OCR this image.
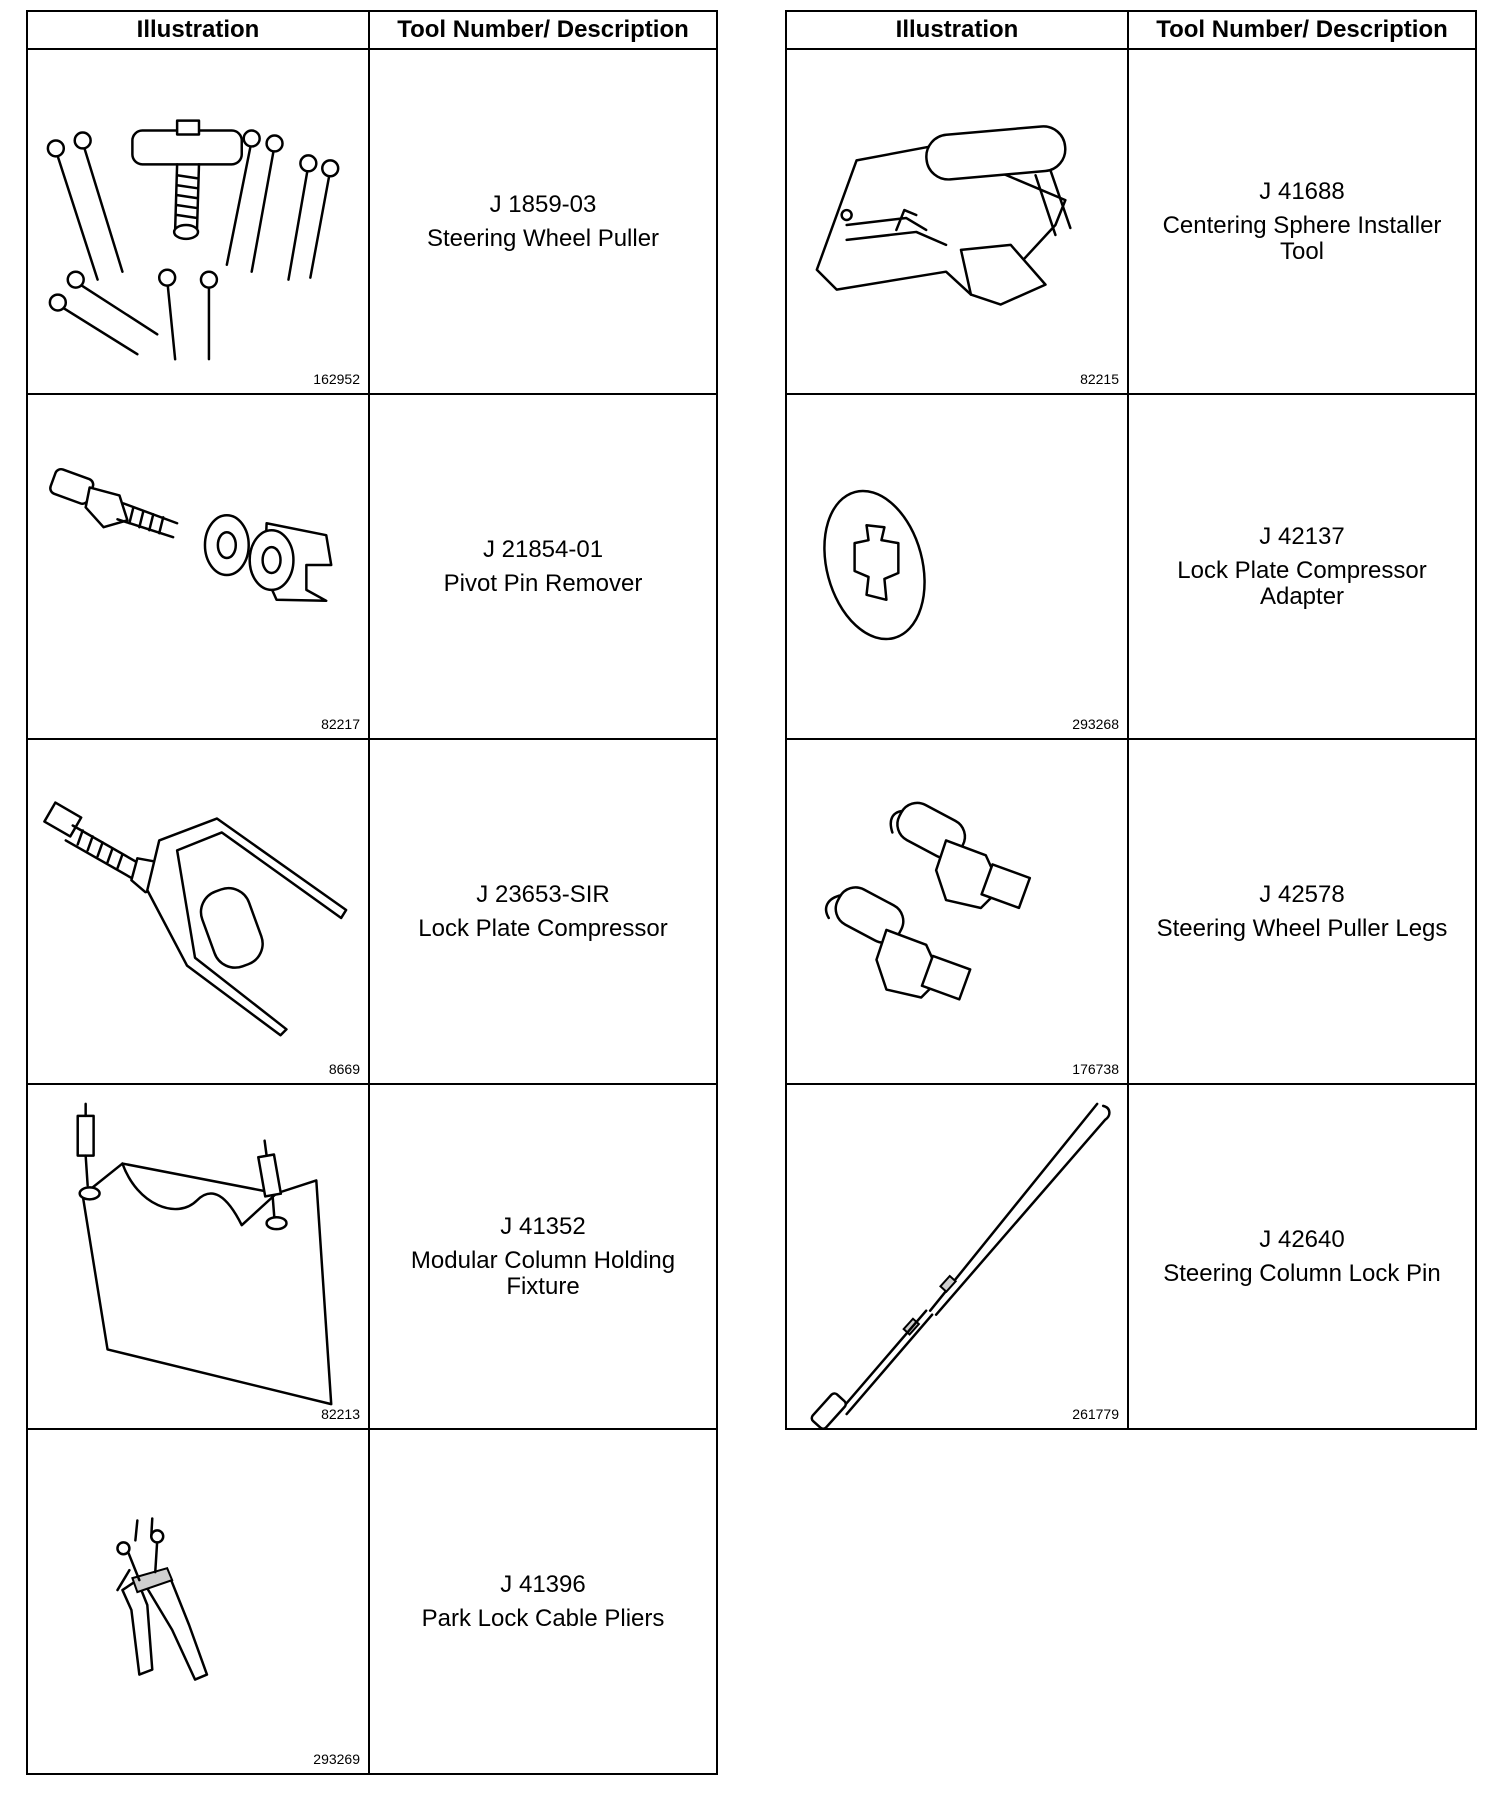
Illustration	Tool Number/ Description

162952	J 1859-03
Steering Wheel Puller

82217	J 21854-01
Pivot Pin Remover

8669	J 23653-SIR
Lock Plate Compressor

82213	J 41352
Modular Column Holding Fixture

293269	J 41396
Park Lock Cable Pliers
Illustration	Tool Number/ Description

82215	J 41688
Centering Sphere Installer Tool

293268	J 42137
Lock Plate Compressor Adapter

176738	J 42578
Steering Wheel Puller Legs

261779	J 42640
Steering Column Lock Pin
